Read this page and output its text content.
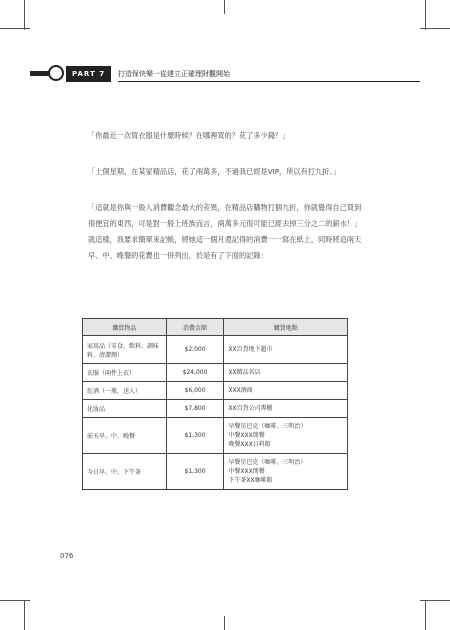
PART 7	打造保快樂一從建立正確理財觀開始
「你最近一次買衣服是什麼時候？在哪裡買的？花了多少錢？」
「上個星期，在某家精品店，花了兩萬多，不過我已經是VIP，所以有打九折。」
「這就是你與一般人消費觀念最大的差異，在精品店購物打個九折，你就覺得自己買到很便宜的東西，可是對一般上班族而言，兩萬多元很可能已經去掉三分之二的薪水！」就這樣，我要求簡單來記帳，將她這一個月還記得的消費一一寫在紙上，同時將這兩天早、中、晚餐的花費也一併列出，於是有了下面的記錄：
購買物品	消費金額	購買地點
家用品（零食、飲料、調味料、清潔劑）	$2,000	XX百貨地下超市

衣服（兩件上衣）	$24,000	XX精品名店

紅酒（一瓶，送人）	$6,000	XXX酒商

化妝品	$7,800	XX百貨公司專櫃

前天早、中、晚餐	$1,300	早餐星巴克（咖啡、三明治）
中餐XXX簡餐
晚餐XXX日料館

今日早、中、下午茶	$1,300	早餐星巴克（咖啡、三明治）
中餐XXX簡餐
下午茶XX咖啡館
076
